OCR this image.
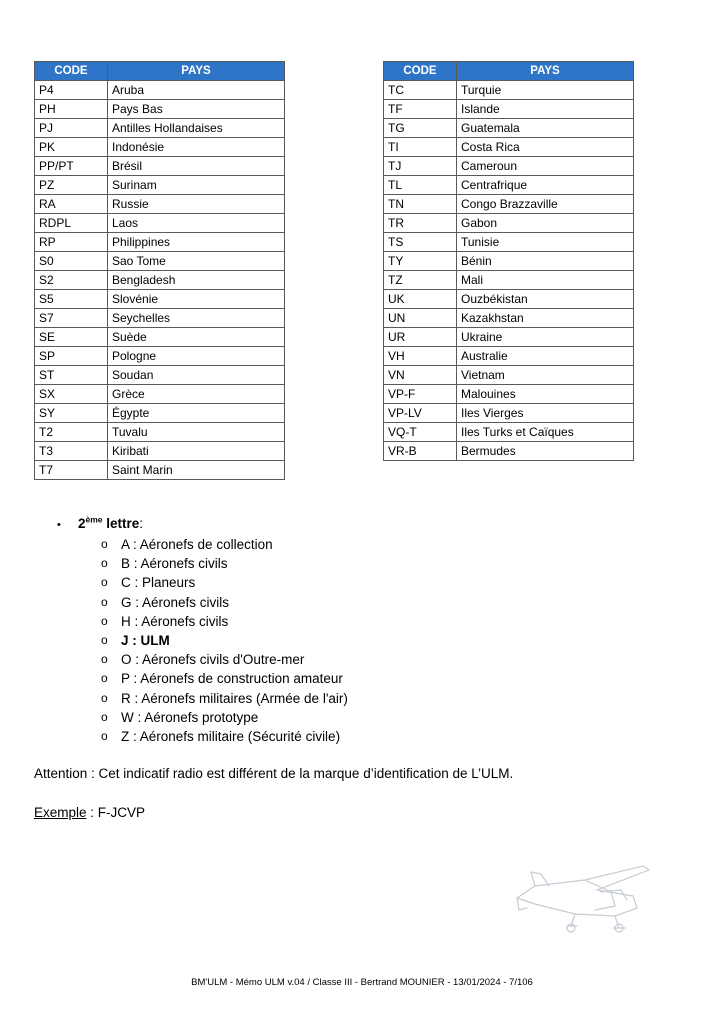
CODE	PAYS
P4	Aruba
PH	Pays Bas
PJ	Antilles Hollandaises
PK	Indonésie
PP/PT	Brésil
PZ	Surinam
RA	Russie
RDPL	Laos
RP	Philippines
S0	Sao Tome
S2	Bengladesh
S5	Slovénie
S7	Seychelles
SE	Suède
SP	Pologne
ST	Soudan
SX	Grèce
SY	Égypte
T2	Tuvalu
T3	Kiribati
T7	Saint Marin
CODE	PAYS
TC	Turquie
TF	Islande
TG	Guatemala
TI	Costa Rica
TJ	Cameroun
TL	Centrafrique
TN	Congo Brazzaville
TR	Gabon
TS	Tunisie
TY	Bénin
TZ	Mali
UK	Ouzbékistan
UN	Kazakhstan
UR	Ukraine
VH	Australie
VN	Vietnam
VP-F	Malouines
VP-LV	Iles Vierges
VQ-T	Iles Turks et Caïques
VR-B	Bermudes
•	2ème lettre :
o A : Aéronefs de collection
o B : Aéronefs civils
o C : Planeurs
o G : Aéronefs civils
o H : Aéronefs civils
o J : ULM
o O : Aéronefs civils d'Outre-mer
o P : Aéronefs de construction amateur
o R : Aéronefs militaires (Armée de l'air)
o W : Aéronefs prototype
o Z : Aéronefs militaire (Sécurité civile)
Attention : Cet indicatif radio est différent de la marque d’identification de L’ULM.
Exemple : F-JCVP
BM'ULM - Mémo ULM v.04 / Classe III - Bertrand MOUNIER - 13/01/2024 - 7/106
